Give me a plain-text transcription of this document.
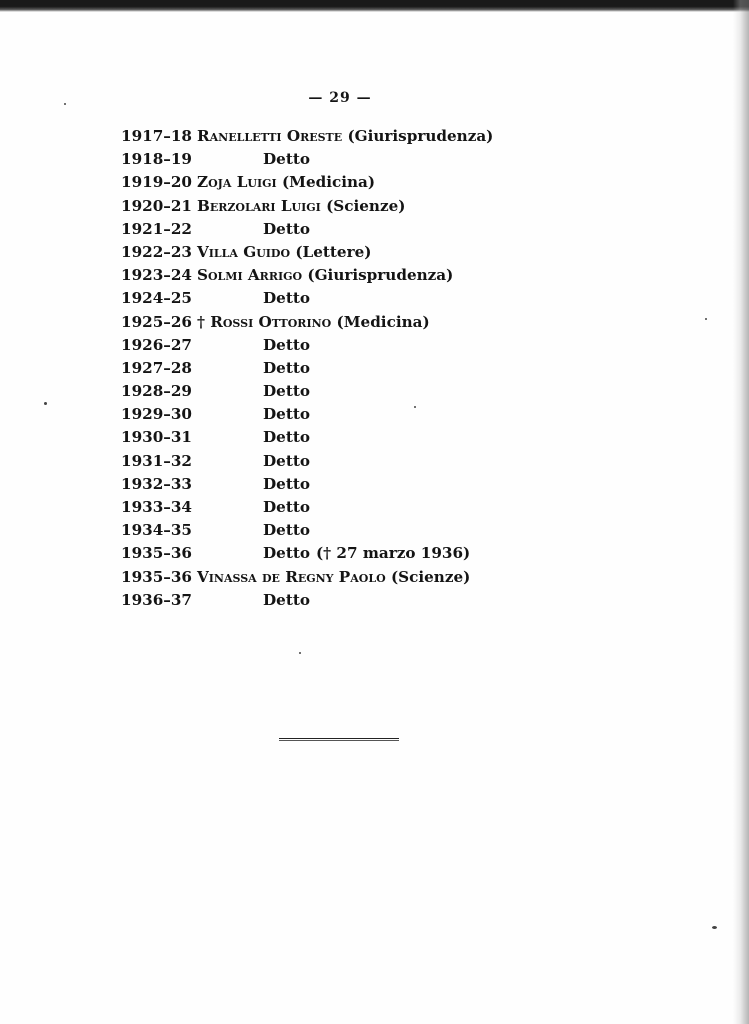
— 29 —
1917–18 Ranelletti Oreste (Giurisprudenza)
1918–19	Detto
1919–20 Zoja Luigi (Medicina)
1920–21 Berzolari Luigi (Scienze)
1921–22	Detto
1922–23 Villa Guido (Lettere)
1923–24 Solmi Arrigo (Giurisprudenza)
1924–25	Detto
1925–26 † Rossi Ottorino (Medicina)
1926–27	Detto
1927–28	Detto
1928–29	Detto
1929–30	Detto
1930–31	Detto
1931–32	Detto
1932–33	Detto
1933–34	Detto
1934–35	Detto
1935–36	Detto († 27 marzo 1936)
1935–36 Vinassa de Regny Paolo (Scienze)
1936–37	Detto
